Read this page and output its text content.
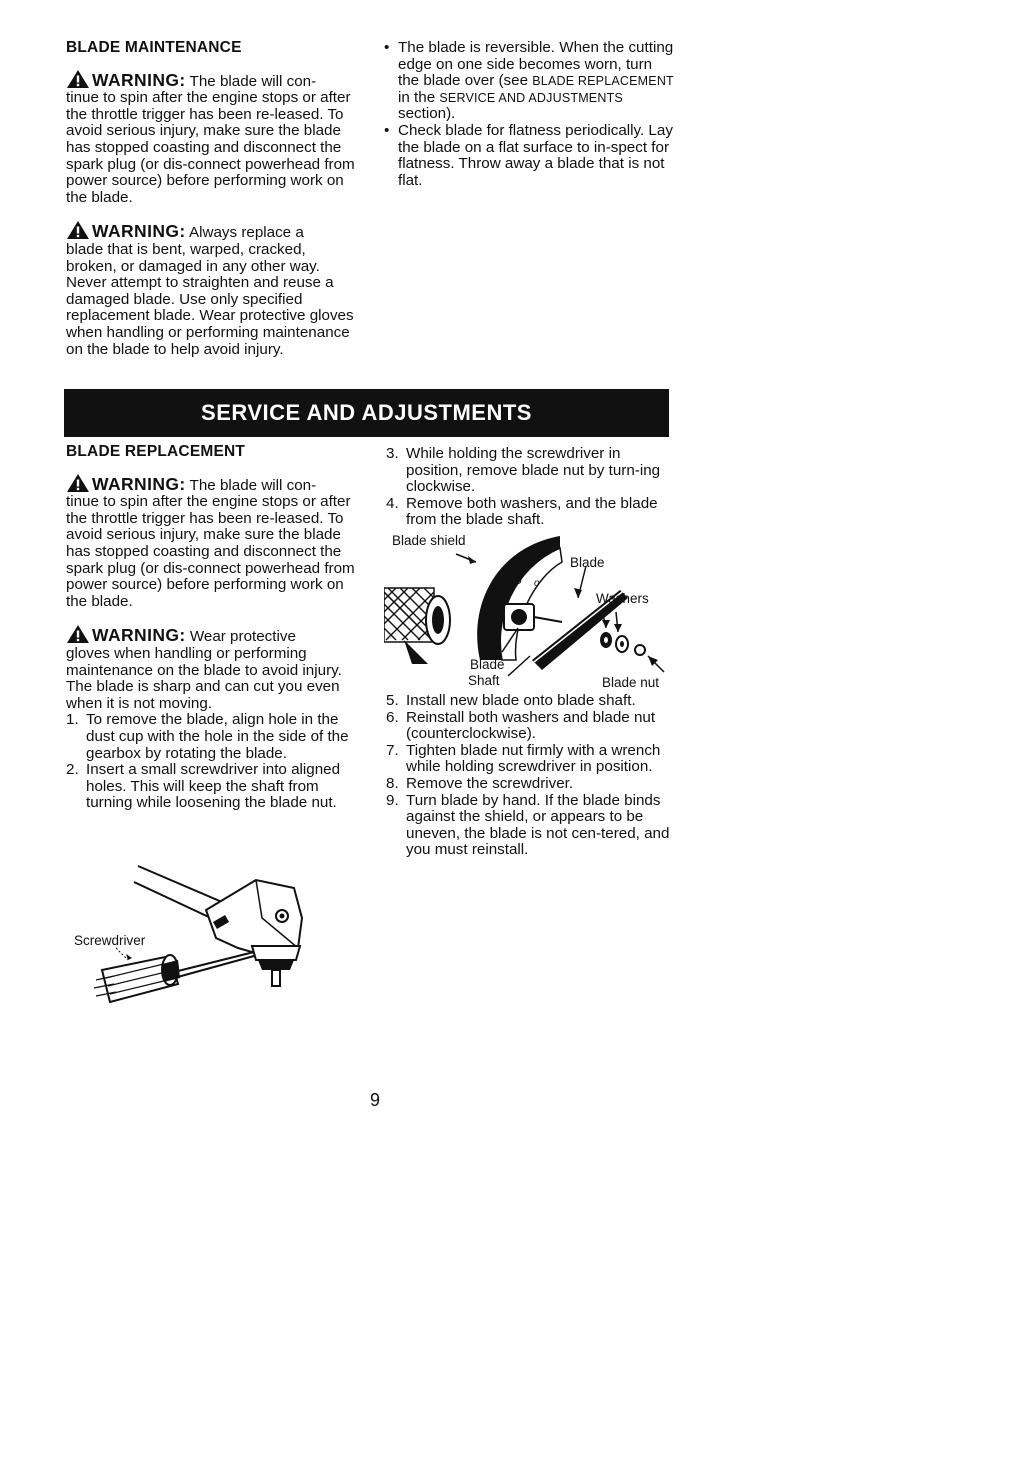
BLADE MAINTENANCE
WARNING: The blade will con-

tinue to spin after the engine stops or after the throttle trigger has been re-leased. To avoid serious injury, make sure the blade has stopped coasting and disconnect the spark plug (or dis-connect powerhead from power source) before performing work on the blade.

WARNING: Always replace a

blade that is bent, warped, cracked, broken, or damaged in any other way. Never attempt to straighten and reuse a damaged blade. Use only specified replacement blade. Wear protective gloves when handling or performing maintenance on the blade to help avoid injury.

• The blade is reversible. When the cutting edge on one side becomes worn, turn the blade over (see BLADE REPLACEMENT in the SERVICE AND ADJUSTMENTS section).
• Check blade for flatness periodically. Lay the blade on a flat surface to in-spect for flatness. Throw away a blade that is not flat.
SERVICE AND ADJUSTMENTS
BLADE REPLACEMENT
WARNING: The blade will con-

tinue to spin after the engine stops or after the throttle trigger has been re-leased. To avoid serious injury, make sure the blade has stopped coasting and disconnect the spark plug (or dis-connect powerhead from power source) before performing work on the blade.

WARNING: Wear protective

gloves when handling or performing maintenance on the blade to avoid injury. The blade is sharp and can cut you even when it is not moving.

1. To remove the blade, align hole in the dust cup with the hole in the side of the gearbox by rotating the blade.
2. Insert a small screwdriver into aligned holes. This will keep the shaft from turning while loosening the blade nut.
Screwdriver
3. While holding the screwdriver in position, remove blade nut by turn-ing clockwise.
4. Remove both washers, and the blade from the blade shaft.
o o
Blade shield
Blade
Washers
Blade
Shaft	Blade nut
5. Install new blade onto blade shaft.
6. Reinstall both washers and blade nut (counterclockwise).
7. Tighten blade nut firmly with a wrench while holding screwdriver in position.
8. Remove the screwdriver.
9. Turn blade by hand. If the blade binds against the shield, or appears to be uneven, the blade is not cen-tered, and you must reinstall.
9
